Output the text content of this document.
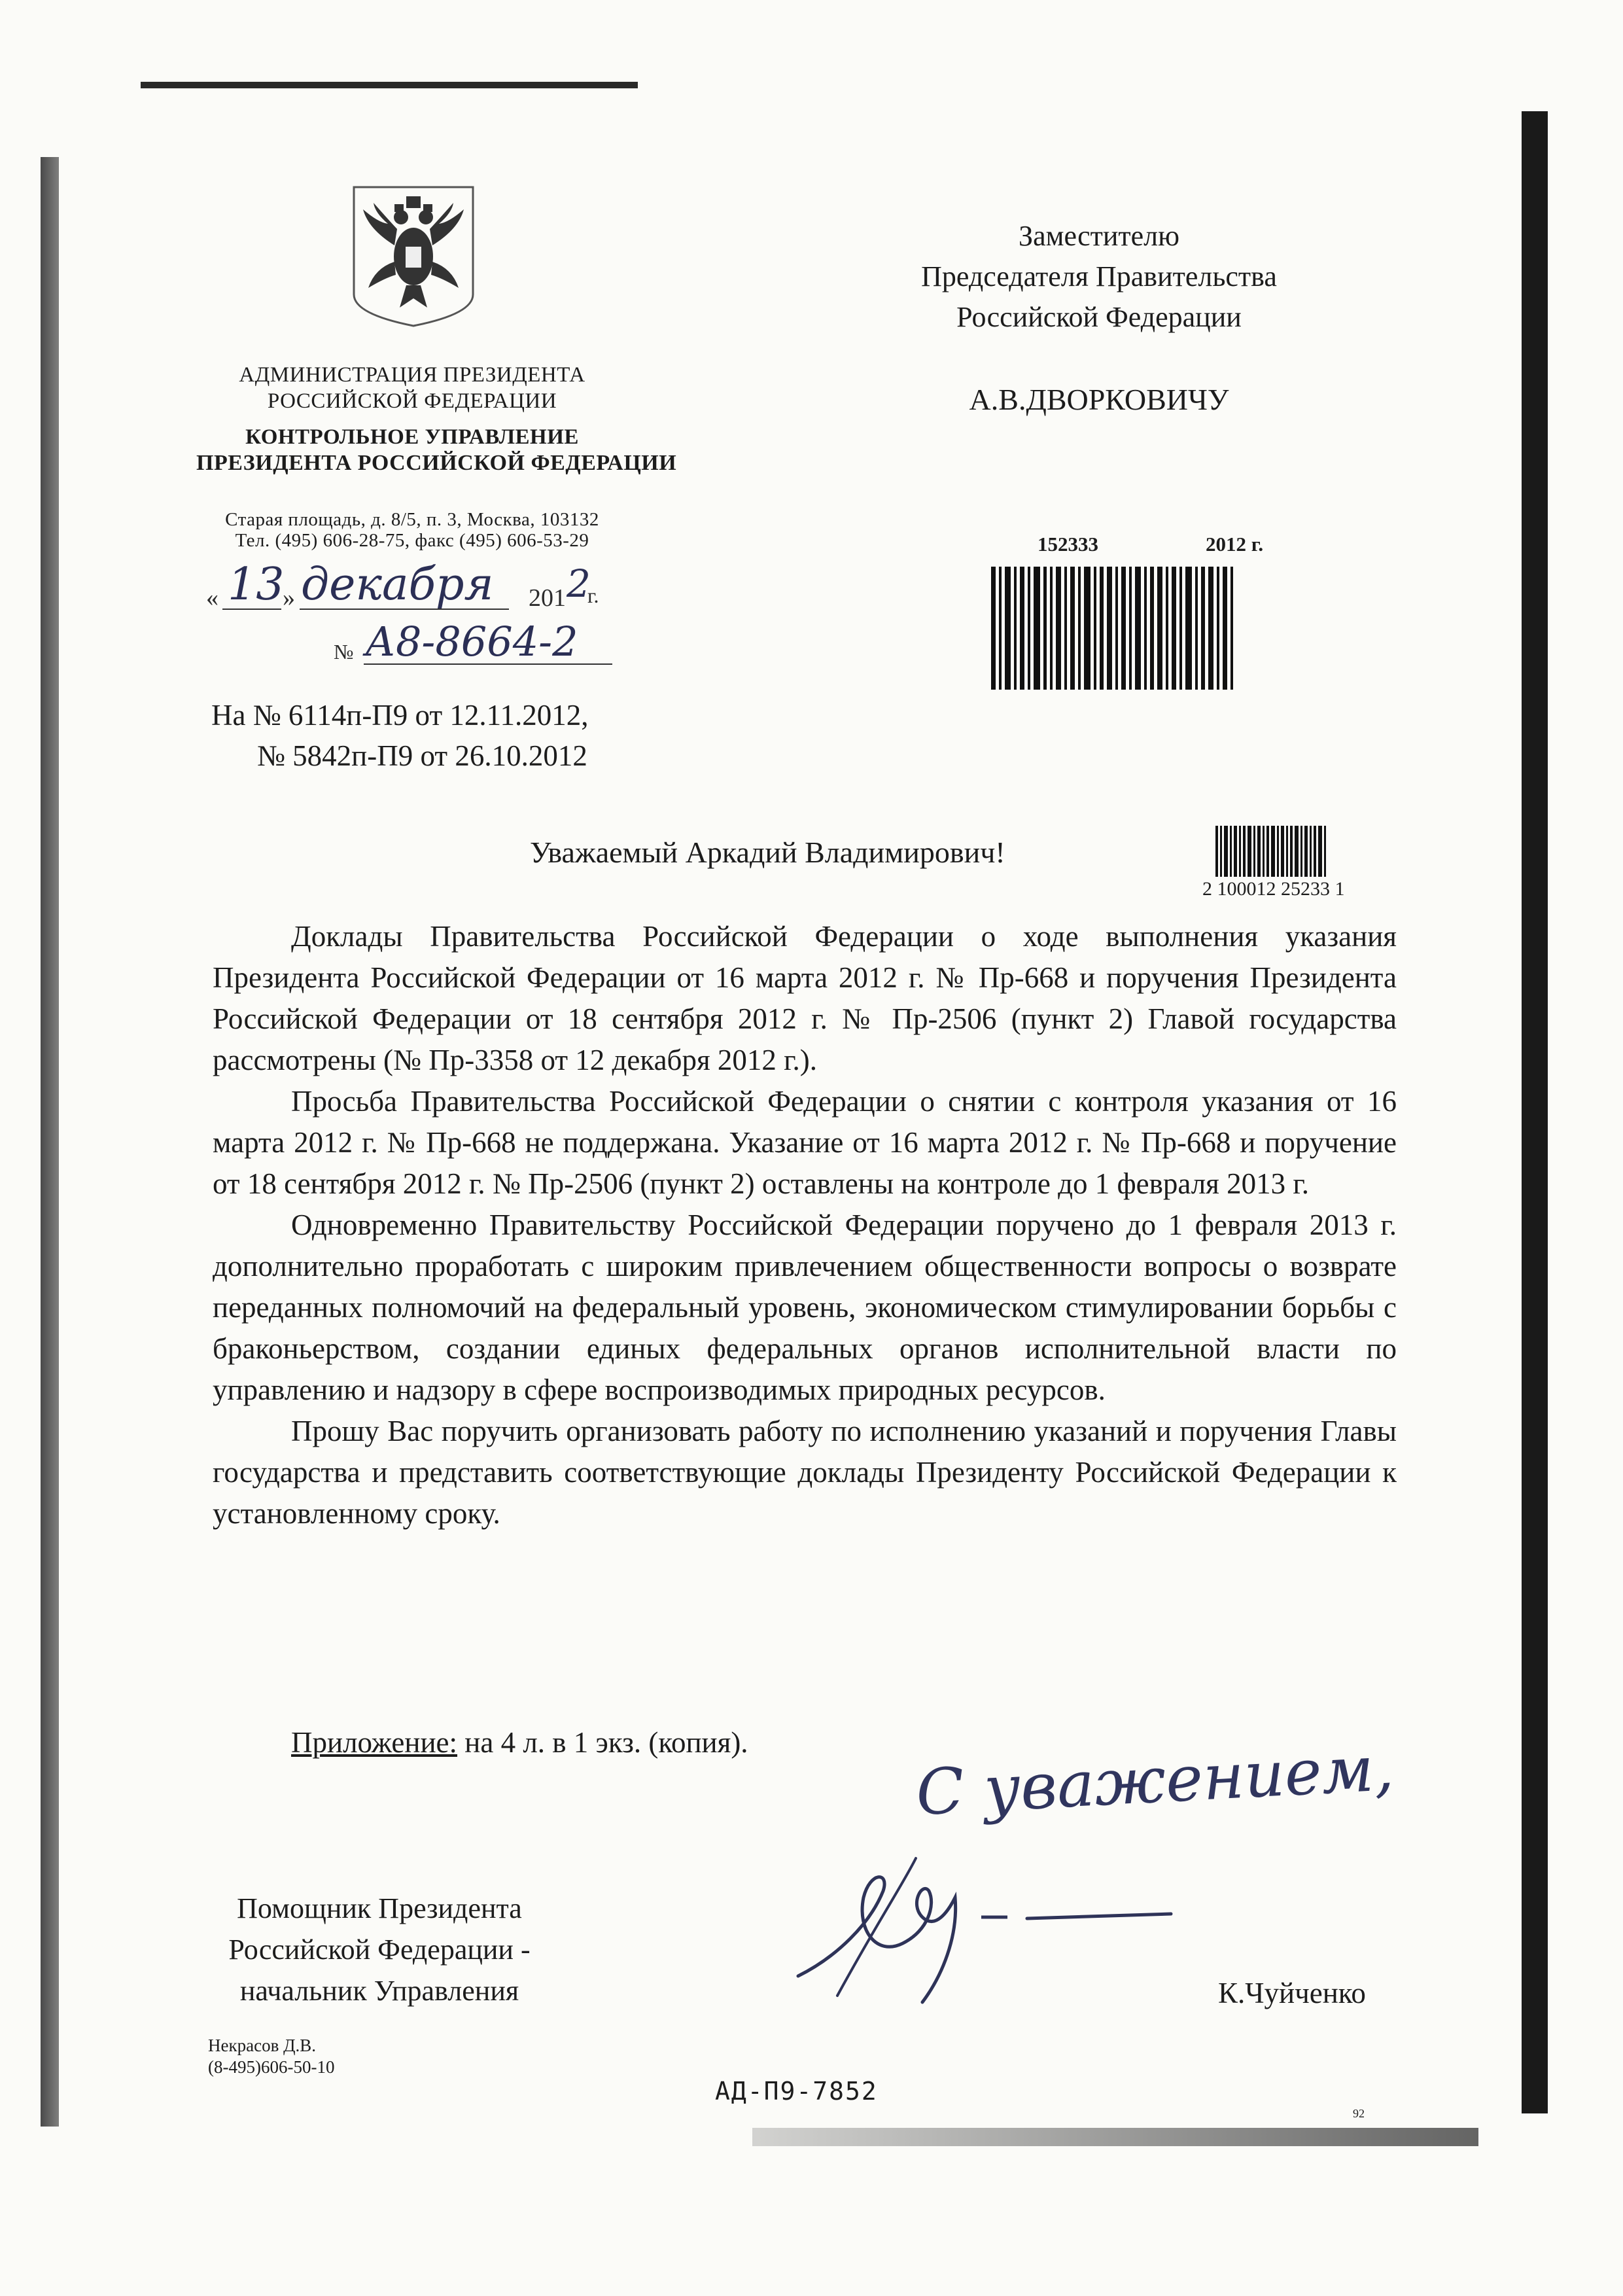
АДМИНИСТРАЦИЯ ПРЕЗИДЕНТА
РОССИЙСКОЙ ФЕДЕРАЦИИ
КОНТРОЛЬНОЕ УПРАВЛЕНИЕ
ПРЕЗИДЕНТА РОССИЙСКОЙ ФЕДЕРАЦИИ
Старая площадь, д. 8/5, п. 3, Москва, 103132
Тел. (495) 606-28-75, факс (495) 606-53-29
« 13
» декабря 201 2
г.
№ А8-8664-2
На № 6114п-П9 от 12.11.2012,
№ 5842п-П9 от 26.10.2012
Заместителю
Председателя Правительства
Российской Федерации
А.В.ДВОРКОВИЧУ
152333	2012 г.
2 100012 25233 1
Уважаемый Аркадий Владимирович!

Доклады Правительства Российской Федерации о ходе выполнения указания Президента Российской Федерации от 16 марта 2012 г. № Пр-668 и поручения Президента Российской Федерации от 18 сентября 2012 г. № Пр-2506 (пункт 2) Главой государства рассмотрены (№ Пр-3358 от 12 декабря 2012 г.).

Просьба Правительства Российской Федерации о снятии с контроля указания от 16 марта 2012 г. № Пр-668 не поддержана. Указание от 16 марта 2012 г. № Пр-668 и поручение от 18 сентября 2012 г. № Пр-2506 (пункт 2) оставлены на контроле до 1 февраля 2013 г.

Одновременно Правительству Российской Федерации поручено до 1 февраля 2013 г. дополнительно проработать с широким привлечением общественности вопросы о возврате переданных полномочий на федеральный уровень, экономическом стимулировании борьбы с браконьерством, создании единых федеральных органов исполнительной власти по управлению и надзору в сфере воспроизводимых природных ресурсов.

Прошу Вас поручить организовать работу по исполнению указаний и поручения Главы государства и представить соответствующие доклады Президенту Российской Федерации к установленному сроку.

Приложение: на 4 л. в 1 экз. (копия).	С уважением,
Помощник Президента
Российской Федерации -
начальник Управления	К.Чуйченко
Некрасов Д.В.
(8-495)606-50-10
АД-П9-7852
92
